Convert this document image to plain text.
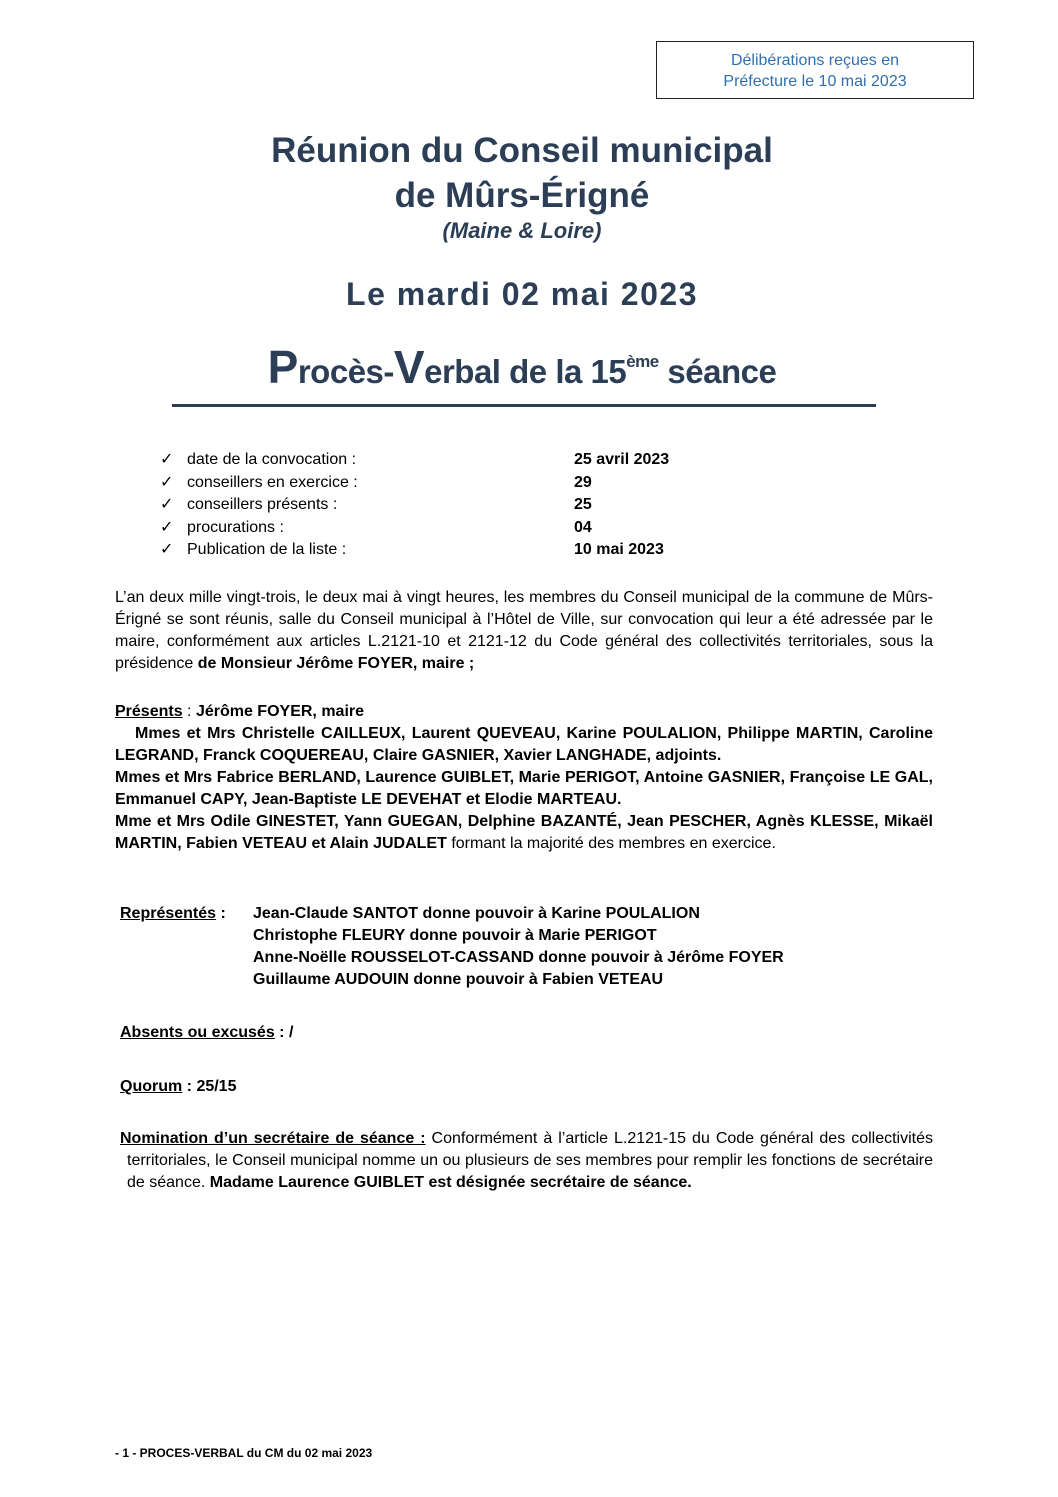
Délibérations reçues en
Préfecture le 10 mai 2023
Réunion du Conseil municipal
de Mûrs-Érigné
(Maine & Loire)
Le mardi 02 mai 2023
Procès-Verbal de la 15ème séance
✓ date de la convocation :	25 avril 2023
✓ conseillers en exercice :	29
✓ conseillers présents :	25
✓ procurations :	04
✓ Publication de la liste :	10 mai 2023
L’an deux mille vingt-trois, le deux mai à vingt heures, les membres du Conseil municipal de la commune de Mûrs-Érigné se sont réunis, salle du Conseil municipal à l’Hôtel de Ville, sur convocation qui leur a été adressée par le maire, conformément aux articles L.2121-10 et 2121-12 du Code général des collectivités territoriales, sous la présidence de Monsieur Jérôme FOYER, maire ;
Présents : Jérôme FOYER, maire
Mmes et Mrs Christelle CAILLEUX, Laurent QUEVEAU, Karine POULALION, Philippe MARTIN, Caroline LEGRAND, Franck COQUEREAU, Claire GASNIER, Xavier LANGHADE, adjoints.
Mmes et Mrs Fabrice BERLAND, Laurence GUIBLET, Marie PERIGOT, Antoine GASNIER, Françoise LE GAL, Emmanuel CAPY, Jean-Baptiste LE DEVEHAT et Elodie MARTEAU.
Mme et Mrs Odile GINESTET, Yann GUEGAN, Delphine BAZANTÉ, Jean PESCHER, Agnès KLESSE, Mikaël MARTIN, Fabien VETEAU et Alain JUDALET formant la majorité des membres en exercice.
Représentés :	Jean-Claude SANTOT donne pouvoir à Karine POULALION
Christophe FLEURY donne pouvoir à Marie PERIGOT
Anne-Noëlle ROUSSELOT-CASSAND donne pouvoir à Jérôme FOYER
Guillaume AUDOUIN donne pouvoir à Fabien VETEAU
Absents ou excusés : /
Quorum : 25/15
Nomination d’un secrétaire de séance : Conformément à l’article L.2121-15 du Code général des collectivités territoriales, le Conseil municipal nomme un ou plusieurs de ses membres pour remplir les fonctions de secrétaire de séance. Madame Laurence GUIBLET est désignée secrétaire de séance.
- 1 - PROCES-VERBAL du CM du 02 mai 2023
